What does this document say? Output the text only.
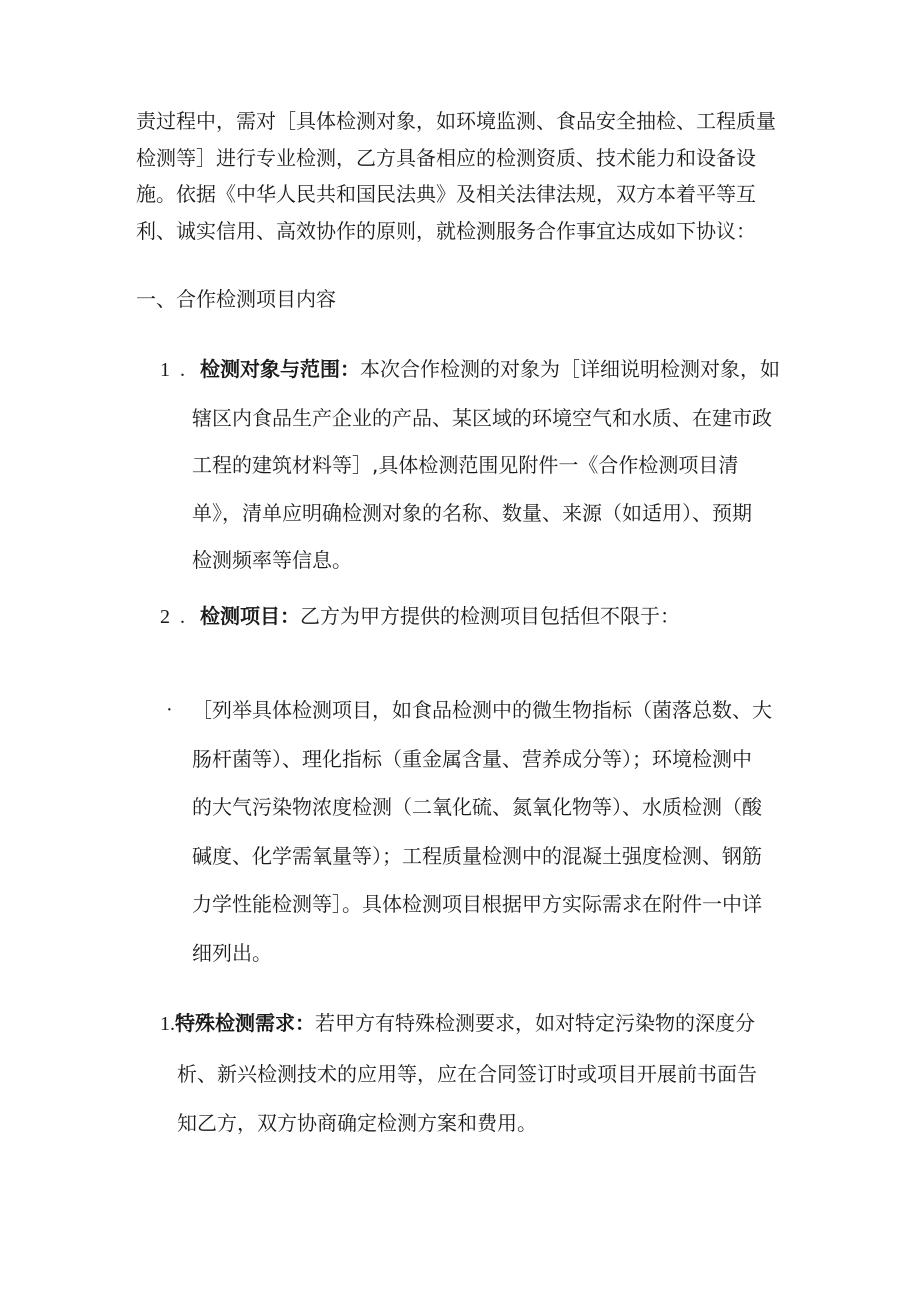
责过程中，需对［具体检测对象，如环境监测、食品安全抽检、工程质量
检测等］进行专业检测，乙方具备相应的检测资质、技术能力和设备设
施。依据《中华人民共和国民法典》及相关法律法规，双方本着平等互
利、诚实信用、高效协作的原则，就检测服务合作事宜达成如下协议：

一、合作检测项目内容

1 . 检测对象与范围：本次合作检测的对象为［详细说明检测对象，如
辖区内食品生产企业的产品、某区域的环境空气和水质、在建市政
工程的建筑材料等］,具体检测范围见附件一《合作检测项目清
单》，清单应明确检测对象的名称、数量、来源（如适用）、预期
检测频率等信息。

2 . 检测项目：乙方为甲方提供的检测项目包括但不限于：

· ［列举具体检测项目，如食品检测中的微生物指标（菌落总数、大
肠杆菌等）、理化指标（重金属含量、营养成分等）；环境检测中
的大气污染物浓度检测（二氧化硫、氮氧化物等）、水质检测（酸
碱度、化学需氧量等）；工程质量检测中的混凝土强度检测、钢筋
力学性能检测等］。具体检测项目根据甲方实际需求在附件一中详
细列出。

1.特殊检测需求：若甲方有特殊检测要求，如对特定污染物的深度分
析、新兴检测技术的应用等，应在合同签订时或项目开展前书面告
知乙方，双方协商确定检测方案和费用。
